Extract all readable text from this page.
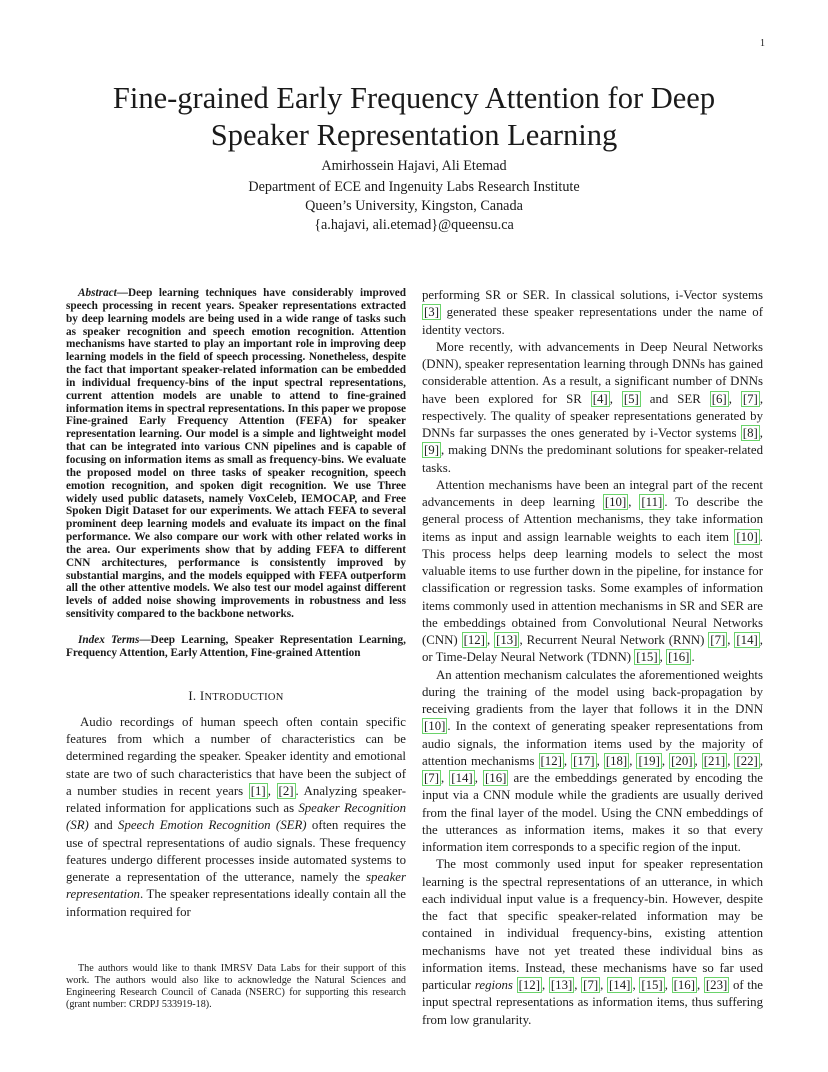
1
Fine-grained Early Frequency Attention for Deep
Speaker Representation Learning
Amirhossein Hajavi, Ali Etemad
Department of ECE and Ingenuity Labs Research Institute
Queen’s University, Kingston, Canada
{a.hajavi, ali.etemad}@queensu.ca

Abstract—Deep learning techniques have considerably improved speech processing in recent years. Speaker representations extracted by deep learning models are being used in a wide range of tasks such as speaker recognition and speech emotion recognition. Attention mechanisms have started to play an important role in improving deep learning models in the field of speech processing. Nonetheless, despite the fact that important speaker-related information can be embedded in individual frequency-bins of the input spectral representations, current attention models are unable to attend to fine-grained information items in spectral representations. In this paper we propose Fine-grained Early Frequency Attention (FEFA) for speaker representation learning. Our model is a simple and lightweight model that can be integrated into various CNN pipelines and is capable of focusing on information items as small as frequency-bins. We evaluate the proposed model on three tasks of speaker recognition, speech emotion recognition, and spoken digit recognition. We use Three widely used public datasets, namely VoxCeleb, IEMOCAP, and Free Spoken Digit Dataset for our experiments. We attach FEFA to several prominent deep learning models and evaluate its impact on the final performance. We also compare our work with other related works in the area. Our experiments show that by adding FEFA to different CNN architectures, performance is consistently improved by substantial margins, and the models equipped with FEFA outperform all the other attentive models. We also test our model against different levels of added noise showing improvements in robustness and less sensitivity compared to the backbone networks.

Index Terms—Deep Learning, Speaker Representation Learning, Frequency Attention, Early Attention, Fine-grained Attention

I. INTRODUCTION

Audio recordings of human speech often contain specific features from which a number of characteristics can be determined regarding the speaker. Speaker identity and emotional state are two of such characteristics that have been the subject of a number studies in recent years [1] , [2] . Analyzing speaker-related information for applications such as Speaker Recognition (SR) and Speech Emotion Recognition (SER) often requires the use of spectral representations of audio signals. These frequency features undergo different processes inside automated systems to generate a representation of the utterance, namely the speaker representation. The speaker representations ideally contain all the information required for

The authors would like to thank IMRSV Data Labs for their support of this work. The authors would also like to acknowledge the Natural Sciences and Engineering Research Council of Canada (NSERC) for supporting this research (grant number: CRDPJ 533919-18).

performing SR or SER. In classical solutions, i-Vector systems [3] generated these speaker representations under the name of identity vectors.

More recently, with advancements in Deep Neural Networks (DNN), speaker representation learning through DNNs has gained considerable attention. As a result, a significant number of DNNs have been explored for SR [4] , [5] and SER [6] , [7] , respectively. The quality of speaker representations generated by DNNs far surpasses the ones generated by i-Vector systems [8] , [9] , making DNNs the predominant solutions for speaker-related tasks.

Attention mechanisms have been an integral part of the recent advancements in deep learning [10] , [11] . To describe the general process of Attention mechanisms, they take information items as input and assign learnable weights to each item [10] . This process helps deep learning models to select the most valuable items to use further down in the pipeline, for instance for classification or regression tasks. Some examples of information items commonly used in attention mechanisms in SR and SER are the embeddings obtained from Convolutional Neural Networks (CNN) [12] , [13] , Recurrent Neural Network (RNN) [7] , [14] , or Time-Delay Neural Network (TDNN) [15] , [16] .

An attention mechanism calculates the aforementioned weights during the training of the model using back-propagation by receiving gradients from the layer that follows it in the DNN [10] . In the context of generating speaker representations from audio signals, the information items used by the majority of attention mechanisms [12] , [17] , [18] , [19] , [20] , [21] , [22] , [7] , [14] , [16] are the embeddings generated by encoding the input via a CNN module while the gradients are usually derived from the final layer of the model. Using the CNN embeddings of the utterances as information items, makes it so that every information item corresponds to a specific region of the input.

The most commonly used input for speaker representation learning is the spectral representations of an utterance, in which each individual input value is a frequency-bin. However, despite the fact that specific speaker-related information may be contained in individual frequency-bins, existing attention mechanisms have not yet treated these individual bins as information items. Instead, these mechanisms have so far used particular regions [12] , [13] , [7] , [14] , [15] , [16] , [23] of the input spectral representations as information items, thus suffering from low granularity.
